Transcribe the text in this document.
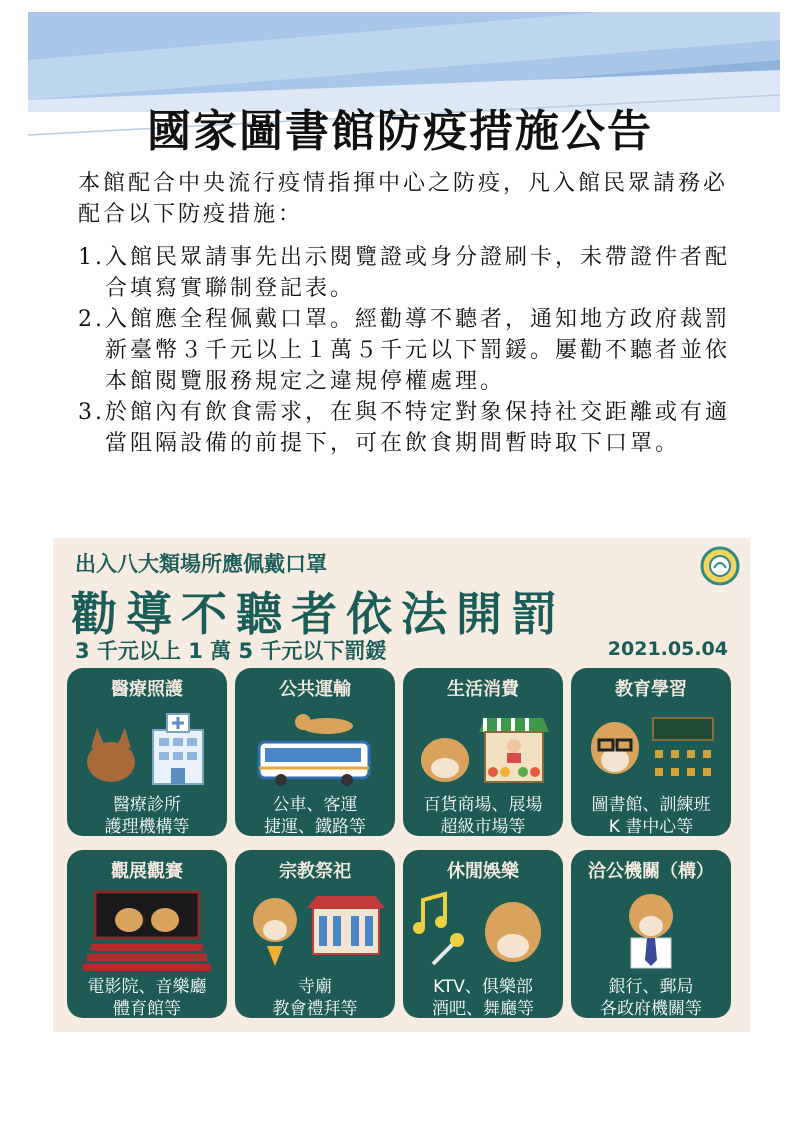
國家圖書館防疫措施公告

本館配合中央流行疫情指揮中心之防疫，凡入館民眾請務必配合以下防疫措施：

1. 入館民眾請事先出示閱覽證或身分證刷卡，未帶證件者配合填寫實聯制登記表。
2. 入館應全程佩戴口罩。經勸導不聽者，通知地方政府裁罰新臺幣３千元以上１萬５千元以下罰鍰。屢勸不聽者並依本館閱覽服務規定之違規停權處理。
3. 於館內有飲食需求，在與不特定對象保持社交距離或有適當阻隔設備的前提下，可在飲食期間暫時取下口罩。
出入八大類場所應佩戴口罩
勸導不聽者依法開罰
3 千元以上 1 萬 5 千元以下罰鍰	2021.05.04
醫療照護
醫療診所
護理機構等
公共運輸
公車、客運
捷運、鐵路等
生活消費
百貨商場、展場
超級市場等
教育學習
圖書館、訓練班
K 書中心等
觀展觀賽
電影院、音樂廳
體育館等
宗教祭祀
寺廟
教會禮拜等
休閒娛樂
KTV、俱樂部
酒吧、舞廳等
洽公機關（構）
銀行、郵局
各政府機關等
